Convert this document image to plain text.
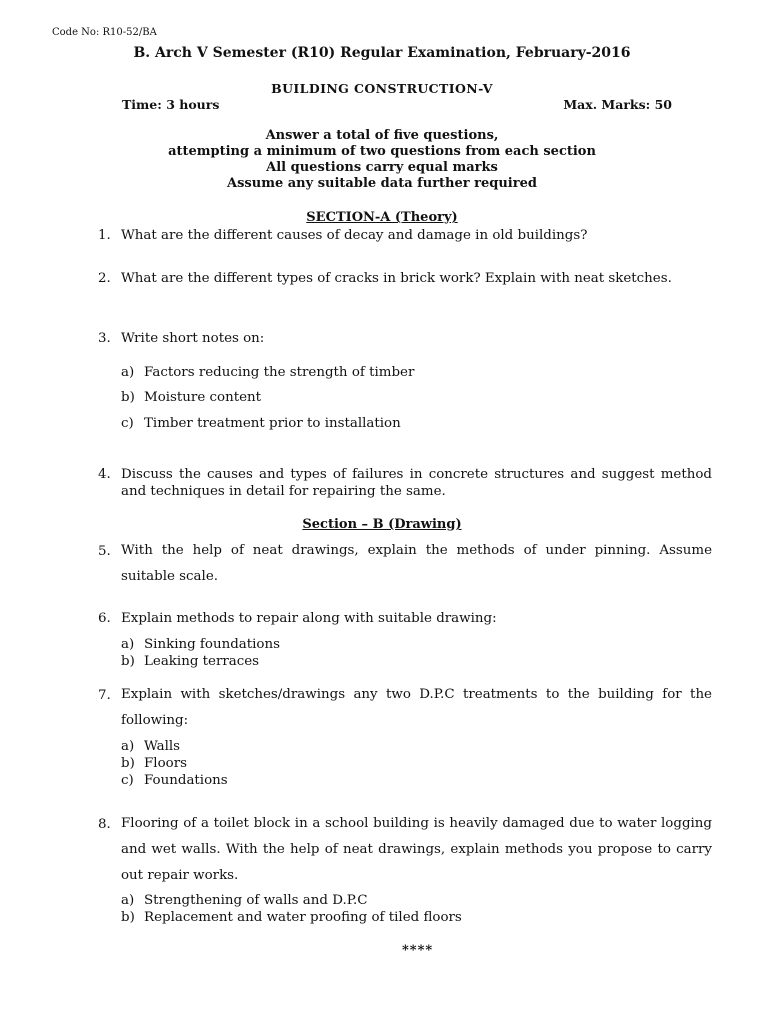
Code No: R10-52/BA
B. Arch V Semester (R10) Regular Examination, February-2016
BUILDING CONSTRUCTION-V
Time: 3 hours	Max. Marks: 50
Answer a total of five questions,
attempting a minimum of two questions from each section
All questions carry equal marks
Assume any suitable data further required
SECTION-A (Theory)
1. What are the different causes of decay and damage in old buildings?
2. What are the different types of cracks in brick work? Explain with neat sketches.
3. Write short notes on:
a) Factors reducing the strength of timber
b) Moisture content
c) Timber treatment prior to installation
4. Discuss the causes and types of failures in concrete structures and suggest method and techniques in detail for repairing the same.
Section – B (Drawing)
5. With the help of neat drawings, explain the methods of under pinning. Assume suitable scale.
6. Explain methods to repair along with suitable drawing:
a) Sinking foundations
b) Leaking terraces
7. Explain with sketches/drawings any two D.P.C treatments to the building for the following:
a) Walls
b) Floors
c) Foundations
8. Flooring of a toilet block in a school building is heavily damaged due to water logging and wet walls. With the help of neat drawings, explain methods you propose to carry out repair works.
a) Strengthening of walls and D.P.C
b) Replacement and water proofing of tiled floors
****
